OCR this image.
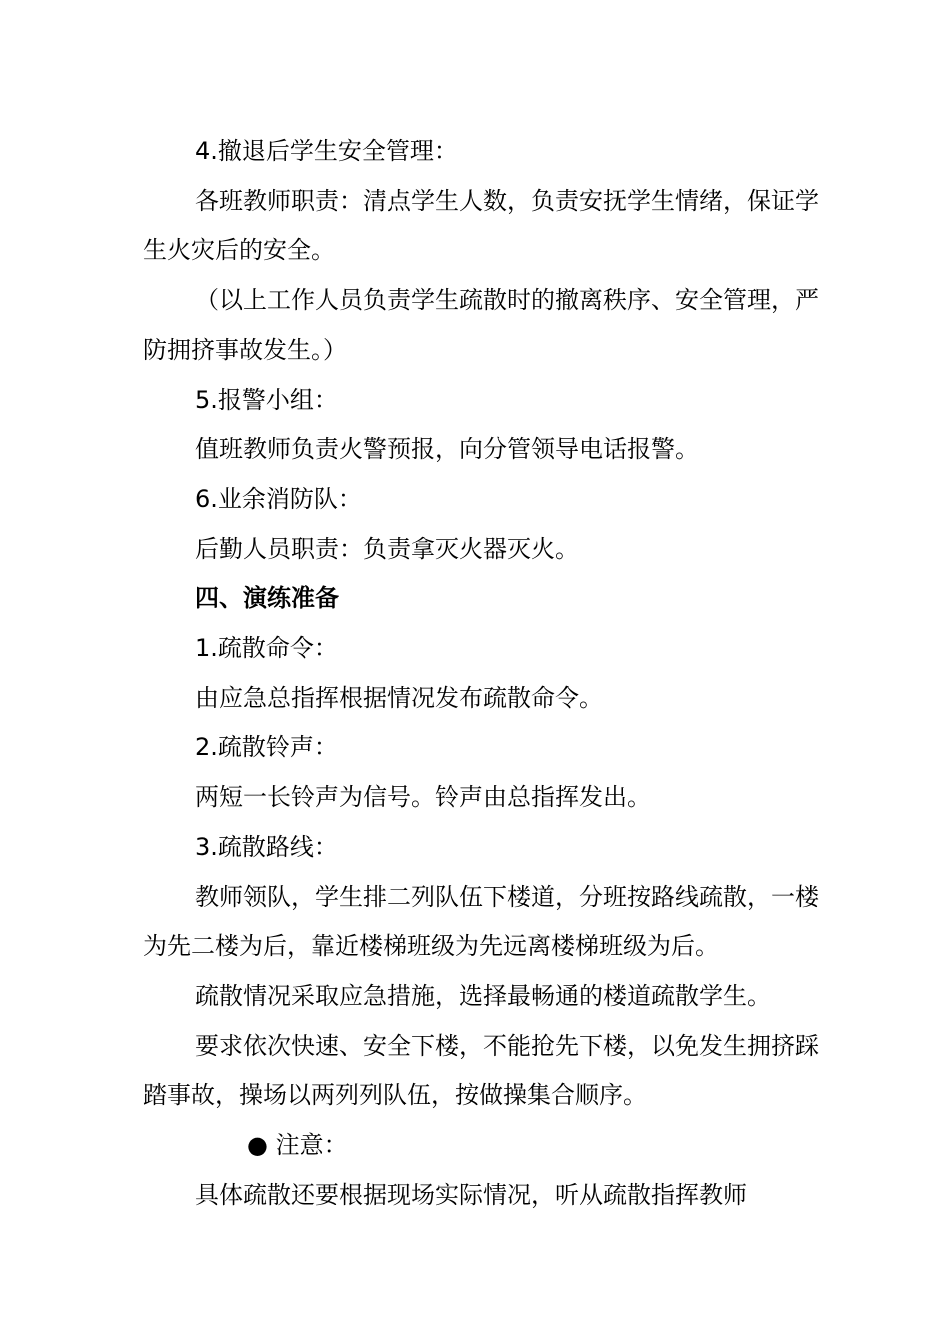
4.撤退后学生安全管理：

各班教师职责：清点学生人数，负责安抚学生情绪，保证学生火灾后的安全。

（以上工作人员负责学生疏散时的撤离秩序、安全管理，严防拥挤事故发生。）

5.报警小组：

值班教师负责火警预报，向分管领导电话报警。

6.业余消防队：

后勤人员职责：负责拿灭火器灭火。

四、演练准备

1.疏散命令：

由应急总指挥根据情况发布疏散命令。

2.疏散铃声：

两短一长铃声为信号。铃声由总指挥发出。

3.疏散路线：

教师领队，学生排二列队伍下楼道，分班按路线疏散，一楼为先二楼为后，靠近楼梯班级为先远离楼梯班级为后。

疏散情况采取应急措施，选择最畅通的楼道疏散学生。

要求依次快速、安全下楼，不能抢先下楼，以免发生拥挤踩踏事故，操场以两列列队伍，按做操集合顺序。

● 注意：

具体疏散还要根据现场实际情况，听从疏散指挥教师
